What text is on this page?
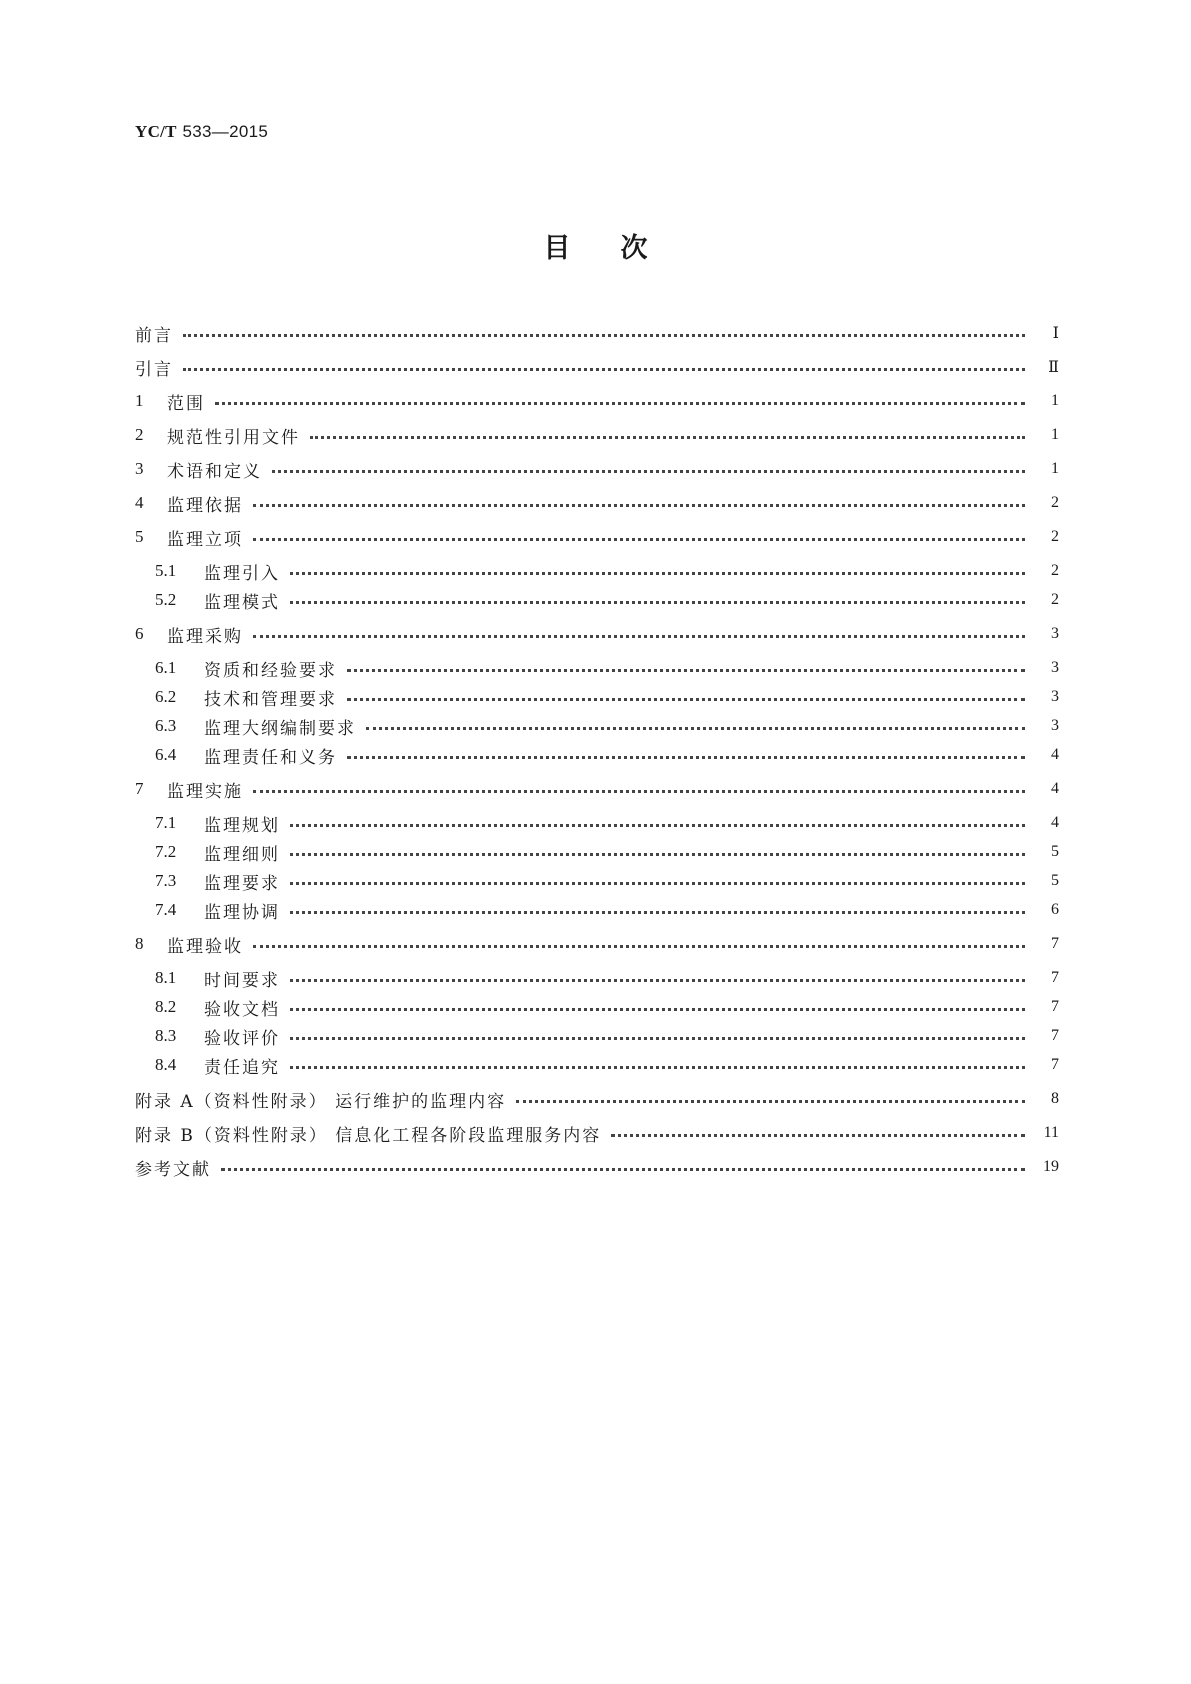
YC/T 533—2015
目次
前言	Ⅰ
引言	Ⅱ
1	范围	1
2	规范性引用文件	1
3	术语和定义	1
4	监理依据	2
5	监理立项	2
5.1	监理引入	2
5.2	监理模式	2
6	监理采购	3
6.1	资质和经验要求	3
6.2	技术和管理要求	3
6.3	监理大纲编制要求	3
6.4	监理责任和义务	4
7	监理实施	4
7.1	监理规划	4
7.2	监理细则	5
7.3	监理要求	5
7.4	监理协调	6
8	监理验收	7
8.1	时间要求	7
8.2	验收文档	7
8.3	验收评价	7
8.4	责任追究	7
附录 A（资料性附录） 运行维护的监理内容	8
附录 B（资料性附录） 信息化工程各阶段监理服务内容	11
参考文献	19
